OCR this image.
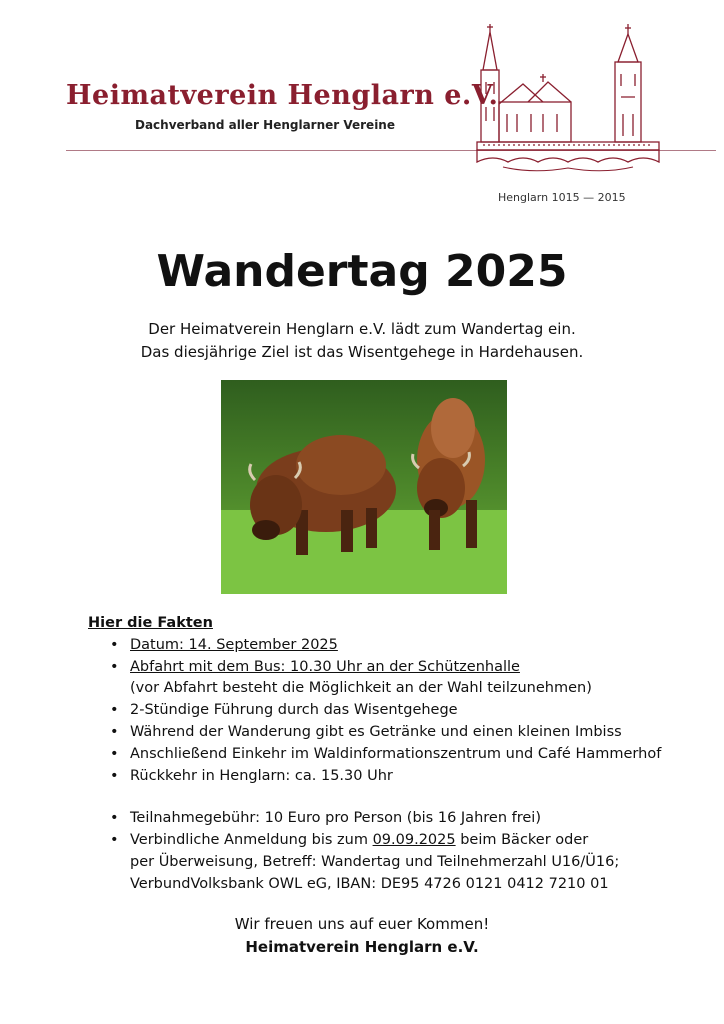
Heimatverein Henglarn e.V.
Dachverband aller Henglarner Vereine
Henglarn 1015 — 2015
Wandertag 2025
Der Heimatverein Henglarn e.V. lädt zum Wandertag ein.
Das diesjährige Ziel ist das Wisentgehege in Hardehausen.
Hier die Fakten
• Datum: 14. September 2025
• Abfahrt mit dem Bus: 10.30 Uhr an der Schützenhalle
(vor Abfahrt besteht die Möglichkeit an der Wahl teilzunehmen)
• 2-Stündige Führung durch das Wisentgehege
• Während der Wanderung gibt es Getränke und einen kleinen Imbiss
• Anschließend Einkehr im Waldinformationszentrum und Café Hammerhof
• Rückkehr in Henglarn: ca. 15.30 Uhr
• Teilnahmegebühr: 10 Euro pro Person (bis 16 Jahren frei)
• Verbindliche Anmeldung bis zum 09.09.2025 beim Bäcker oder
per Überweisung, Betreff: Wandertag und Teilnehmerzahl U16/Ü16;
VerbundVolksbank OWL eG, IBAN: DE95 4726 0121 0412 7210 01
Wir freuen uns auf euer Kommen!
Heimatverein Henglarn e.V.
